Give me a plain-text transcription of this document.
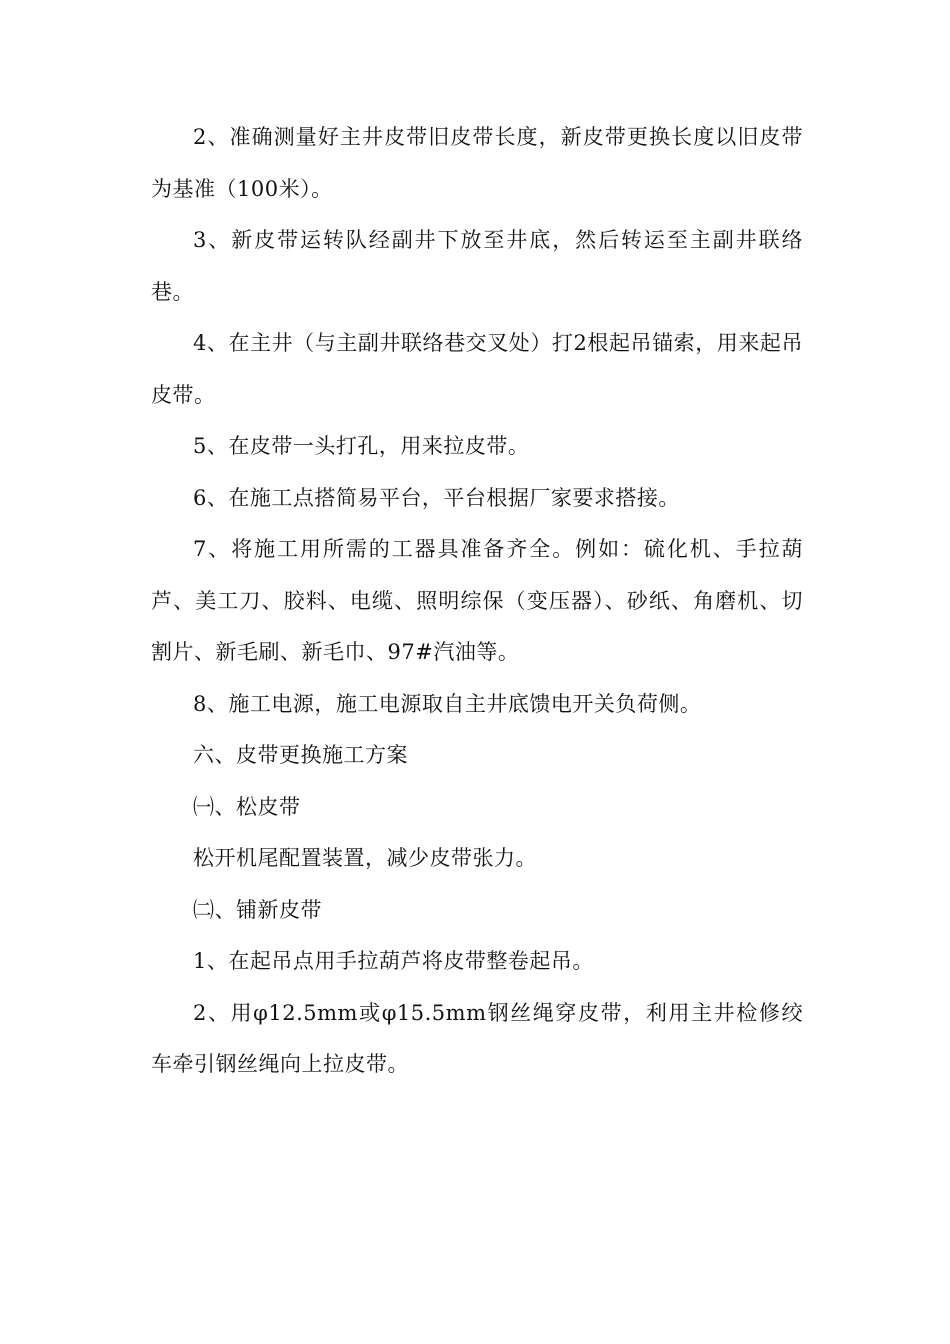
2、准确测量好主井皮带旧皮带长度，新皮带更换长度以旧皮带为基准（100米）。

3、新皮带运转队经副井下放至井底，然后转运至主副井联络巷。

4、在主井（与主副井联络巷交叉处）打2根起吊锚索，用来起吊皮带。

5、在皮带一头打孔，用来拉皮带。

6、在施工点搭简易平台，平台根据厂家要求搭接。

7、将施工用所需的工器具准备齐全。例如：硫化机、手拉葫芦、美工刀、胶料、电缆、照明综保（变压器）、砂纸、角磨机、切割片、新毛刷、新毛巾、97#汽油等。

8、施工电源，施工电源取自主井底馈电开关负荷侧。

六、皮带更换施工方案

㈠、松皮带

松开机尾配置装置，减少皮带张力。

㈡、铺新皮带

1、在起吊点用手拉葫芦将皮带整卷起吊。

2、用φ12.5mm或φ15.5mm钢丝绳穿皮带，利用主井检修绞车牵引钢丝绳向上拉皮带。
